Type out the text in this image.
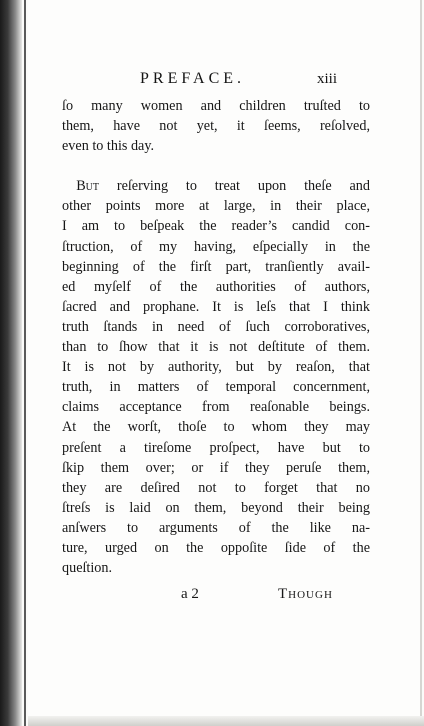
PREFACE.	xiii

ſo many women and children truſted to
them, have not yet, it ſeems, reſolved,
even to this day.

 But reſerving to treat upon theſe and
other points more at large, in their place,
I am to beſpeak the reader’s candid con-
ſtruction, of my having, eſpecially in the
beginning of the firſt part, tranſiently avail-
ed myſelf of the authorities of authors,
ſacred and prophane. It is leſs that I think
truth ſtands in need of ſuch corroboratives,
than to ſhow that it is not deſtitute of them.
It is not by authority, but by reaſon, that
truth, in matters of temporal concernment,
claims acceptance from reaſonable beings.
At the worſt, thoſe to whom they may
preſent a tireſome proſpect, have but to
ſkip them over; or if they peruſe them,
they are deſired not to forget that no
ſtreſs is laid on them, beyond their being
anſwers to arguments of the like na-
ture, urged on the oppoſite ſide of the
queſtion.

a 2	Though
